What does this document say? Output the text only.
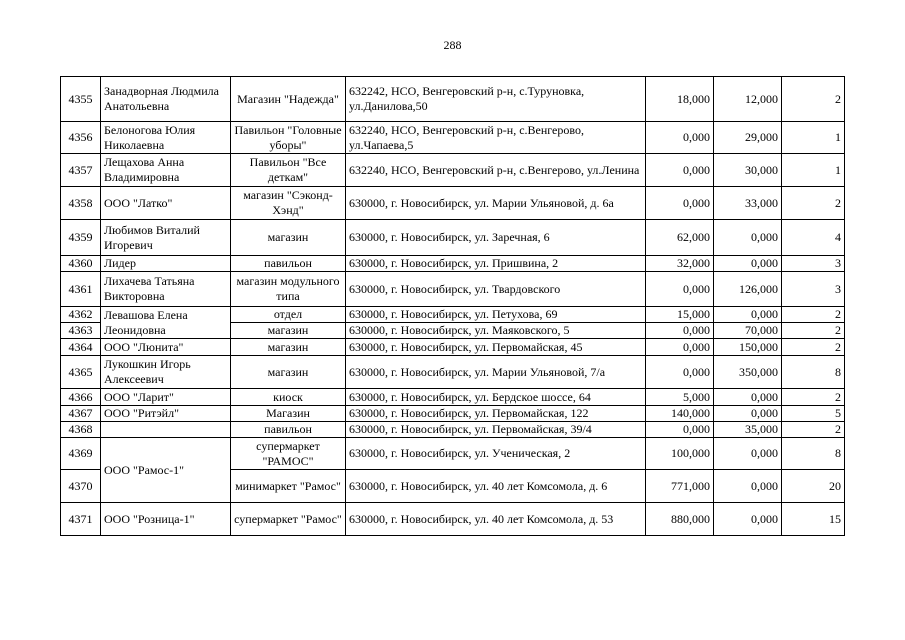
288
4355	Занадворная Людмила Анатольевна	Магазин "Надежда"	632242, НСО, Венгеровский р-н, с.Туруновка, ул.Данилова,50	18,000	12,000	2
4356	Белоногова Юлия Николаевна	Павильон "Головные уборы"	632240, НСО, Венгеровский р-н, с.Венгерово, ул.Чапаева,5	0,000	29,000	1
4357	Лещахова Анна Владимировна	Павильон "Все деткам"	632240, НСО, Венгеровский р-н, с.Венгерово, ул.Ленина	0,000	30,000	1
4358	ООО "Латко"	магазин "Сэконд-Хэнд"	630000, г. Новосибирск, ул. Марии Ульяновой, д. 6а	0,000	33,000	2
4359	Любимов Виталий Игоревич	магазин	630000, г. Новосибирск, ул. Заречная, 6	62,000	0,000	4
4360	Лидер	павильон	630000, г. Новосибирск, ул. Пришвина, 2	32,000	0,000	3
4361	Лихачева Татьяна Викторовна	магазин модульного типа	630000, г. Новосибирск, ул. Твардовского	0,000	126,000	3
4362	Левашова Елена Леонидовна	отдел	630000, г. Новосибирск, ул. Петухова, 69	15,000	0,000	2
4363		магазин	630000, г. Новосибирск, ул. Маяковского, 5	0,000	70,000	2
4364	ООО "Люнита"	магазин	630000, г. Новосибирск, ул. Первомайская, 45	0,000	150,000	2
4365	Лукошкин Игорь Алексеевич	магазин	630000, г. Новосибирск, ул. Марии Ульяновой, 7/а	0,000	350,000	8
4366	ООО "Ларит"	киоск	630000, г. Новосибирск, ул. Бердское шоссе, 64	5,000	0,000	2
4367	ООО "Ритэйл"	Магазин	630000, г. Новосибирск, ул. Первомайская, 122	140,000	0,000	5
4368		павильон	630000, г. Новосибирск, ул. Первомайская, 39/4	0,000	35,000	2
4369	ООО "Рамос-1"	супермаркет "РАМОС"	630000, г. Новосибирск, ул. Ученическая, 2	100,000	0,000	8
4370		минимаркет "Рамос"	630000, г. Новосибирск, ул. 40 лет Комсомола, д. 6	771,000	0,000	20
4371	ООО "Розница-1"	супермаркет "Рамос"	630000, г. Новосибирск, ул. 40 лет Комсомола, д. 53	880,000	0,000	15
